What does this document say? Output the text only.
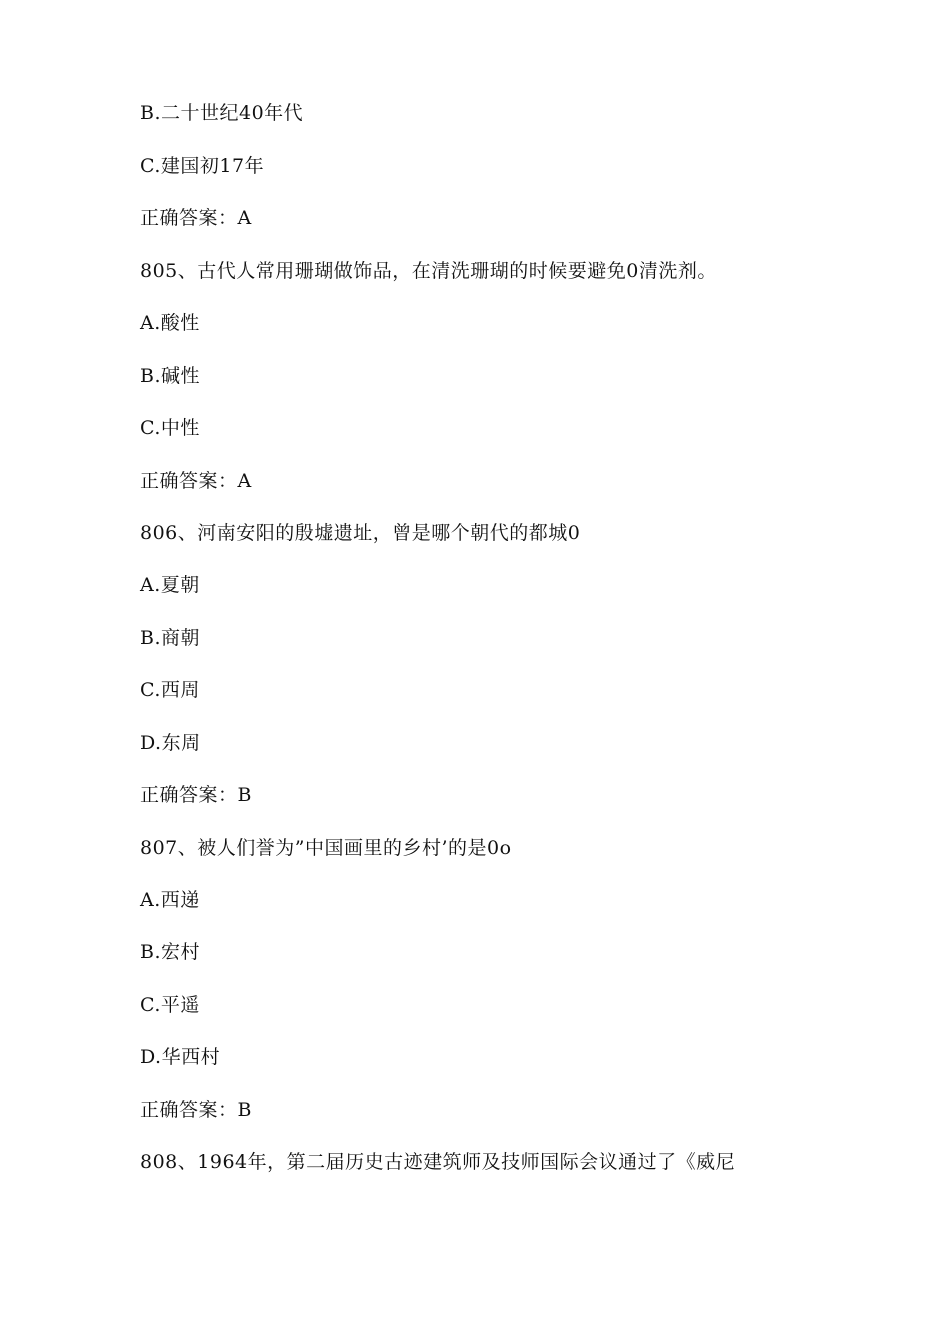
B.二十世纪40年代
C.建国初17年
正确答案：A
805、古代人常用珊瑚做饰品，在清洗珊瑚的时候要避免0清洗剂。
A.酸性
B.碱性
C.中性
正确答案：A
806、河南安阳的殷墟遗址，曾是哪个朝代的都城0
A.夏朝
B.商朝
C.西周
D.东周
正确答案：B
807、被人们誉为”中国画里的乡村’的是0o
A.西递
B.宏村
C.平遥
D.华西村
正确答案：B
808、1964年，第二届历史古迹建筑师及技师国际会议通过了《威尼
